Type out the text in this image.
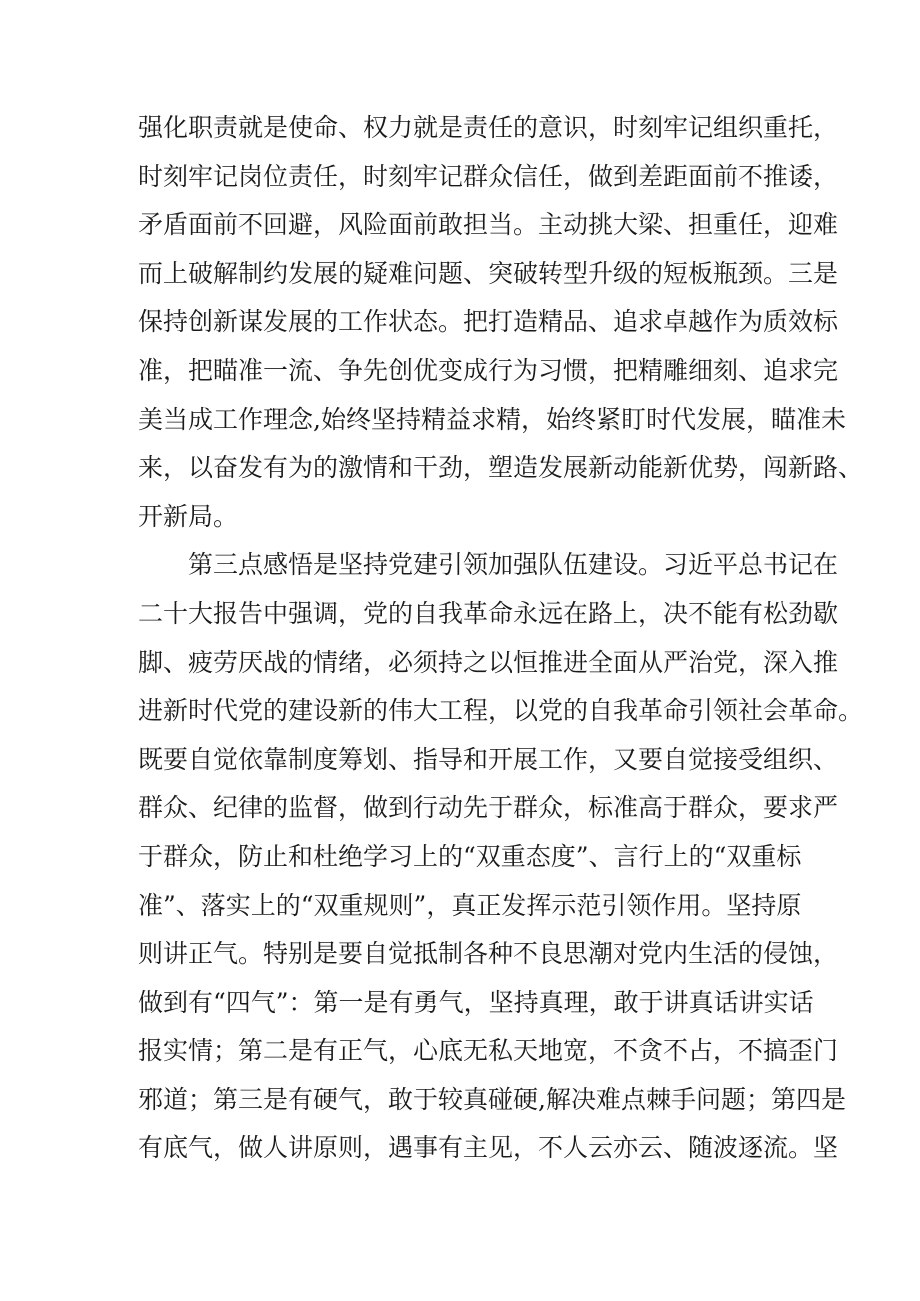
强化职责就是使命、权力就是责任的意识，时刻牢记组织重托，
时刻牢记岗位责任，时刻牢记群众信任，做到差距面前不推诿，
矛盾面前不回避，风险面前敢担当。主动挑大梁、担重任，迎难
而上破解制约发展的疑难问题、突破转型升级的短板瓶颈。三是
保持创新谋发展的工作状态。把打造精品、追求卓越作为质效标
准，把瞄准一流、争先创优变成行为习惯，把精雕细刻、追求完
美当成工作理念,始终坚持精益求精，始终紧盯时代发展，瞄准未
来，以奋发有为的激情和干劲，塑造发展新动能新优势，闯新路、
开新局。
第三点感悟是坚持党建引领加强队伍建设。习近平总书记在
二十大报告中强调，党的自我革命永远在路上，决不能有松劲歇
脚、疲劳厌战的情绪，必须持之以恒推进全面从严治党，深入推
进新时代党的建设新的伟大工程，以党的自我革命引领社会革命。
既要自觉依靠制度筹划、指导和开展工作，又要自觉接受组织、
群众、纪律的监督，做到行动先于群众，标准高于群众，要求严
于群众，防止和杜绝学习上的“双重态度”、言行上的“双重标
准”、落实上的“双重规则”，真正发挥示范引领作用。坚持原
则讲正气。特别是要自觉抵制各种不良思潮对党内生活的侵蚀，
做到有“四气”：第一是有勇气，坚持真理，敢于讲真话讲实话
报实情；第二是有正气，心底无私天地宽，不贪不占，不搞歪门
邪道；第三是有硬气，敢于较真碰硬,解决难点棘手问题；第四是
有底气，做人讲原则，遇事有主见，不人云亦云、随波逐流。坚
